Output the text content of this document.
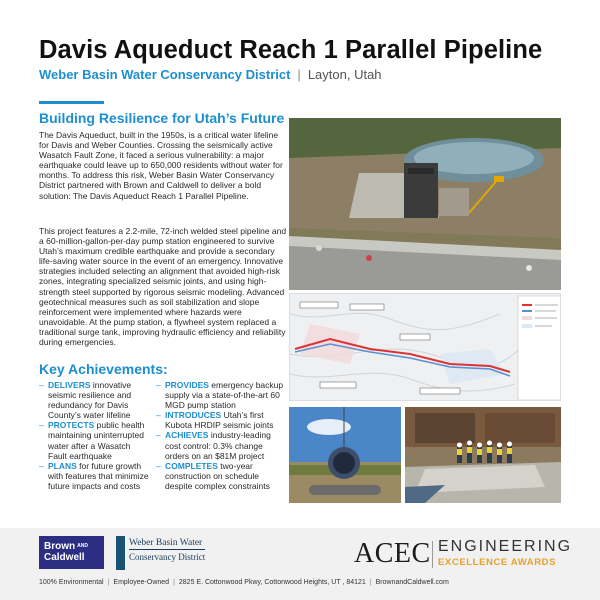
Davis Aqueduct Reach 1 Parallel Pipeline
Weber Basin Water Conservancy District | Layton, Utah
Building Resilience for Utah’s Future

The Davis Aqueduct, built in the 1950s, is a critical water lifeline for Davis and Weber Counties. Crossing the seismically active Wasatch Fault Zone, it faced a serious vulnerability: a major earthquake could leave up to 650,000 residents without water for months. To address this risk, Weber Basin Water Conservancy District partnered with Brown and Caldwell to deliver a bold solution: The Davis Aqueduct Reach 1 Parallel Pipeline.

This project features a 2.2-mile, 72-inch welded steel pipeline and a 60-million-gallon-per-day pump station engineered to survive Utah’s maximum credible earthquake and provide a secondary life-saving water source in the event of an emergency. Innovative strategies included selecting an alignment that avoided high-risk zones, integrating specialized seismic joints, and using high-strength steel supported by rigorous seismic modeling. Advanced geotechnical measures such as soil stabilization and slope reinforcement were implemented where hazards were unavoidable. At the pump station, a flywheel system replaced a traditional surge tank, improving hydraulic efficiency and reliability during emergencies.

Key Achievements:
– DELIVERS innovative seismic resilience and redundancy for Davis County’s water lifeline
– PROTECTS public health maintaining uninterrupted water after a Wasatch Fault earthquake
– PLANS for future growth with features that minimize future impacts and costs
– PROVIDES emergency backup supply via a state-of-the-art 60 MGD pump station
– INTRODUCES Utah’s first Kubota HRDIP seismic joints
– ACHIEVES industry-leading cost control: 0.3% change orders on an $81M project
– COMPLETES two-year construction on schedule despite complex constraints
Brown AND
Caldwell
Weber Basin Water
Conservancy District	ACEC ENGINEERING
EXCELLENCE AWARDS
100% Environmental | Employee-Owned | 2825 E. Cottonwood Pkwy, Cottonwood Heights, UT , 84121 | BrownandCaldwell.com
